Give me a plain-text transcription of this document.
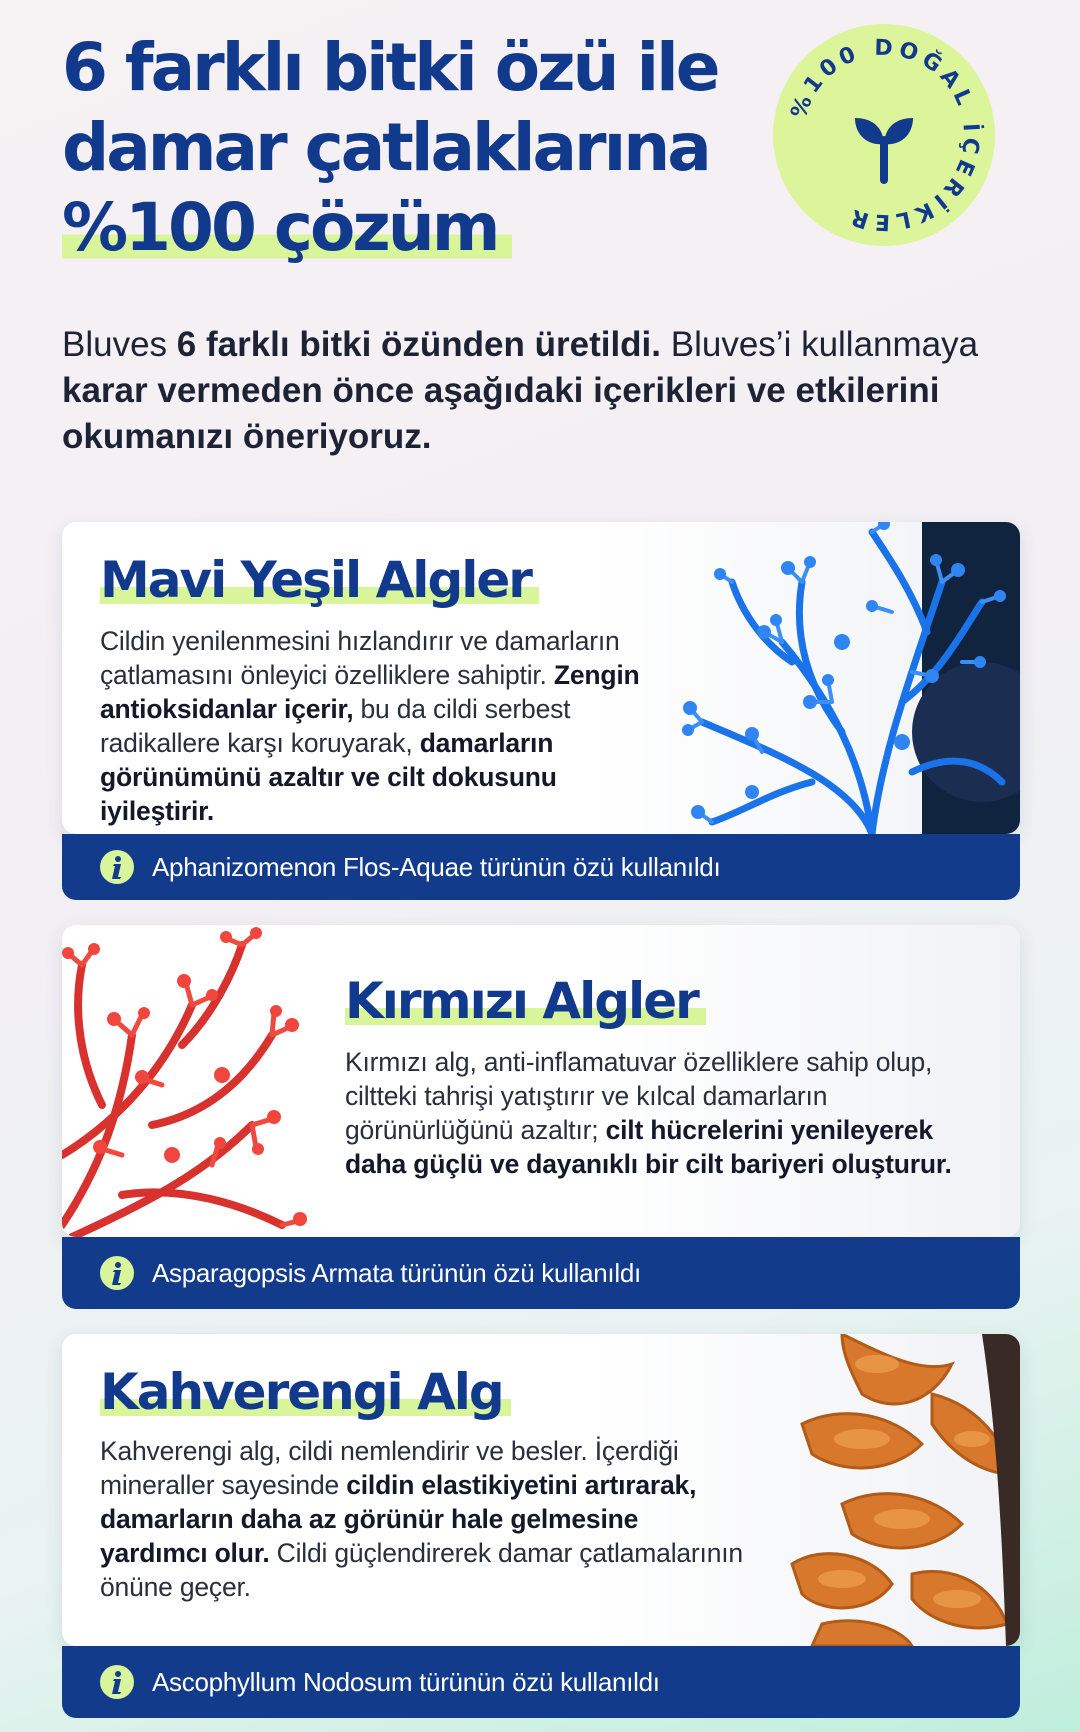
6 farklı bitki özü ile
damar çatlaklarına
%100 çözüm
%100 DOĞAL İÇERİKLER

Bluves 6 farklı bitki özünden üretildi. Bluves’i kullanmaya karar vermeden önce aşağıdaki içerikleri ve etkilerini okumanızı öneriyoruz.

Mavi Yeşil Algler

Cildin yenilenmesini hızlandırır ve damarların çatlamasını önleyici özelliklere sahiptir. Zengin antioksidanlar içerir, bu da cildi serbest radikallere karşı koruyarak, damarların görünümünü azaltır ve cilt dokusunu iyileştirir.

Aphanizomenon Flos-Aquae türünün özü kullanıldı
Kırmızı Algler

Kırmızı alg, anti-inflamatuvar özelliklere sahip olup, ciltteki tahrişi yatıştırır ve kılcal damarların görünürlüğünü azaltır; cilt hücrelerini yenileyerek daha güçlü ve dayanıklı bir cilt bariyeri oluşturur.

Asparagopsis Armata türünün özü kullanıldı
Kahverengi Alg

Kahverengi alg, cildi nemlendirir ve besler. İçerdiği mineraller sayesinde cildin elastikiyetini artırarak, damarların daha az görünür hale gelmesine yardımcı olur. Cildi güçlendirerek damar çatlamalarının önüne geçer.

Ascophyllum Nodosum türünün özü kullanıldı
